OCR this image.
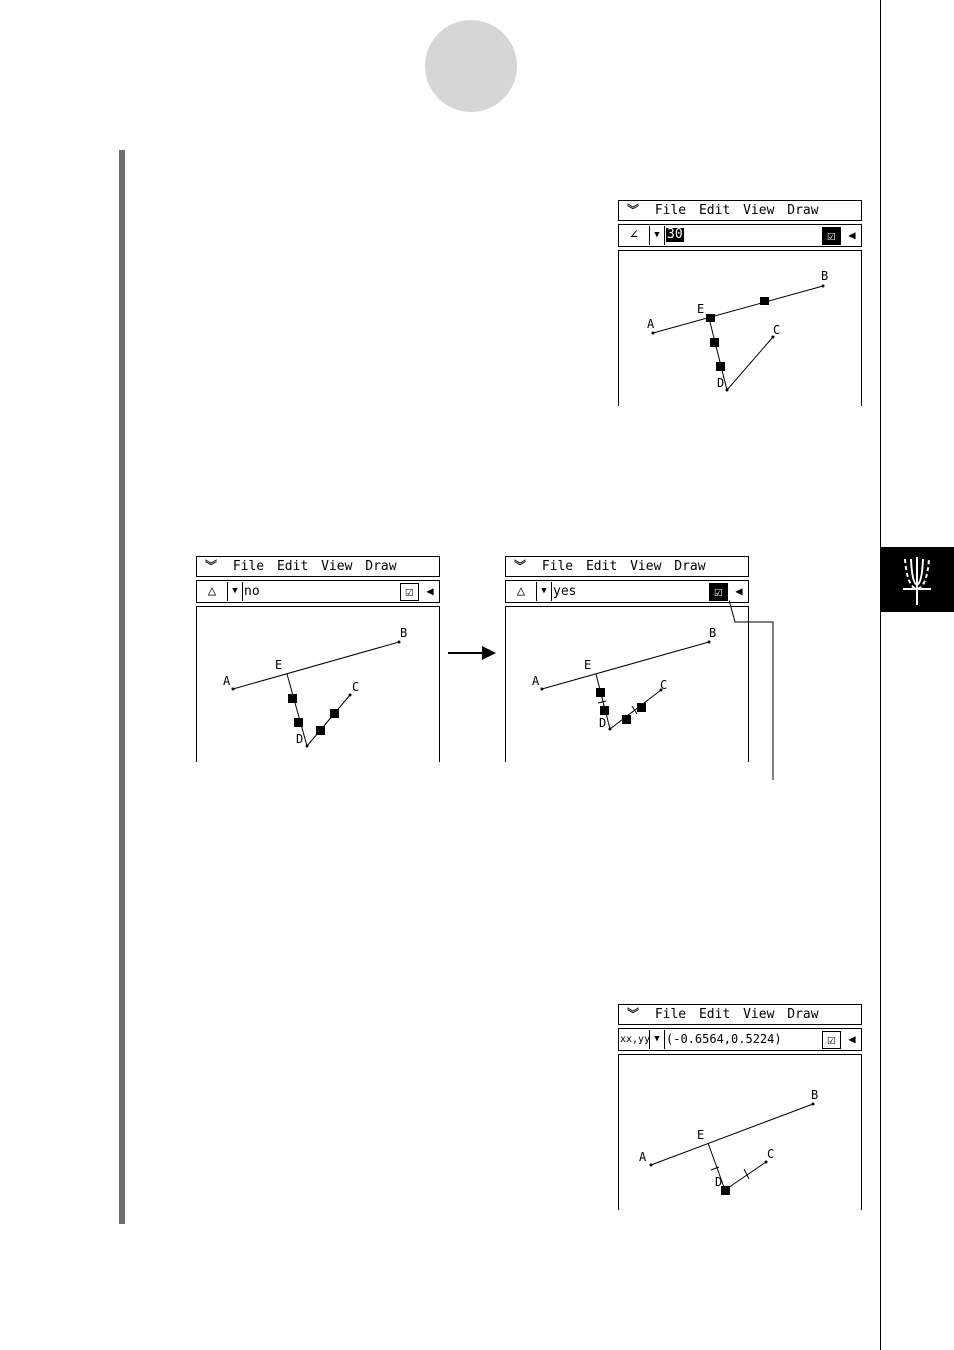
︾ File Edit View Draw
∠	▼ 30	☑	◀
A
B
C
D
E
︾ File Edit View Draw
△	▼ no	☑	◀
A
B
C
D
E
︾ File Edit View Draw
△	▼ yes	☑	◀
A
B
C
D
E
︾ File Edit View Draw
xx,yy ▼ (-0.6564,0.5224)	☑	◀
A
B
C
D
E
